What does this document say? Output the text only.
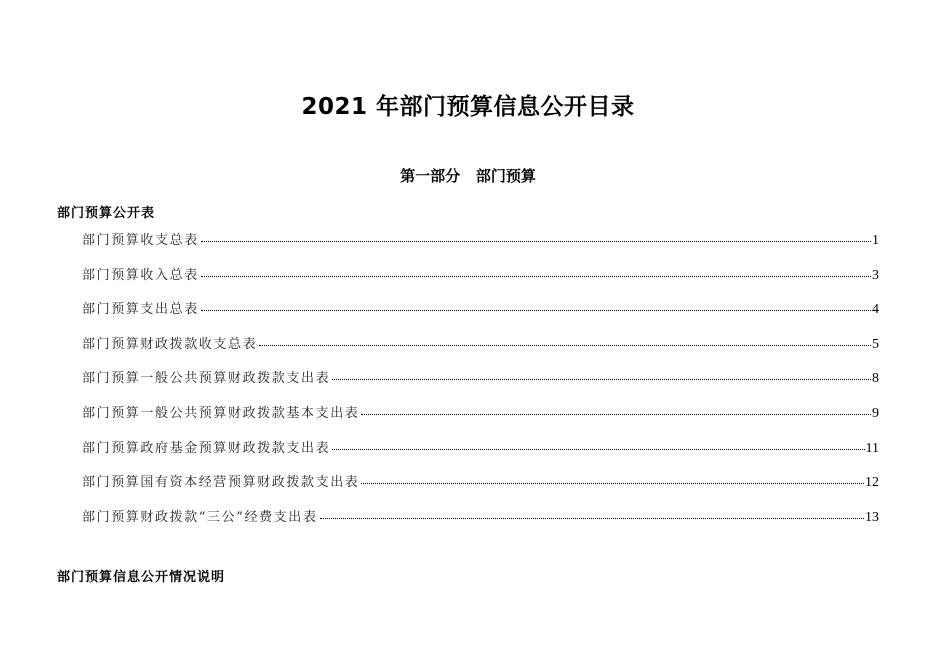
2021 年部门预算信息公开目录
第一部分   部门预算
部门预算公开表
部门预算收支总表	1
部门预算收入总表	3
部门预算支出总表	4
部门预算财政拨款收支总表	5
部门预算一般公共预算财政拨款支出表	8
部门预算一般公共预算财政拨款基本支出表	9
部门预算政府基金预算财政拨款支出表	11
部门预算国有资本经营预算财政拨款支出表	12
部门预算财政拨款“三公”经费支出表	13
部门预算信息公开情况说明
